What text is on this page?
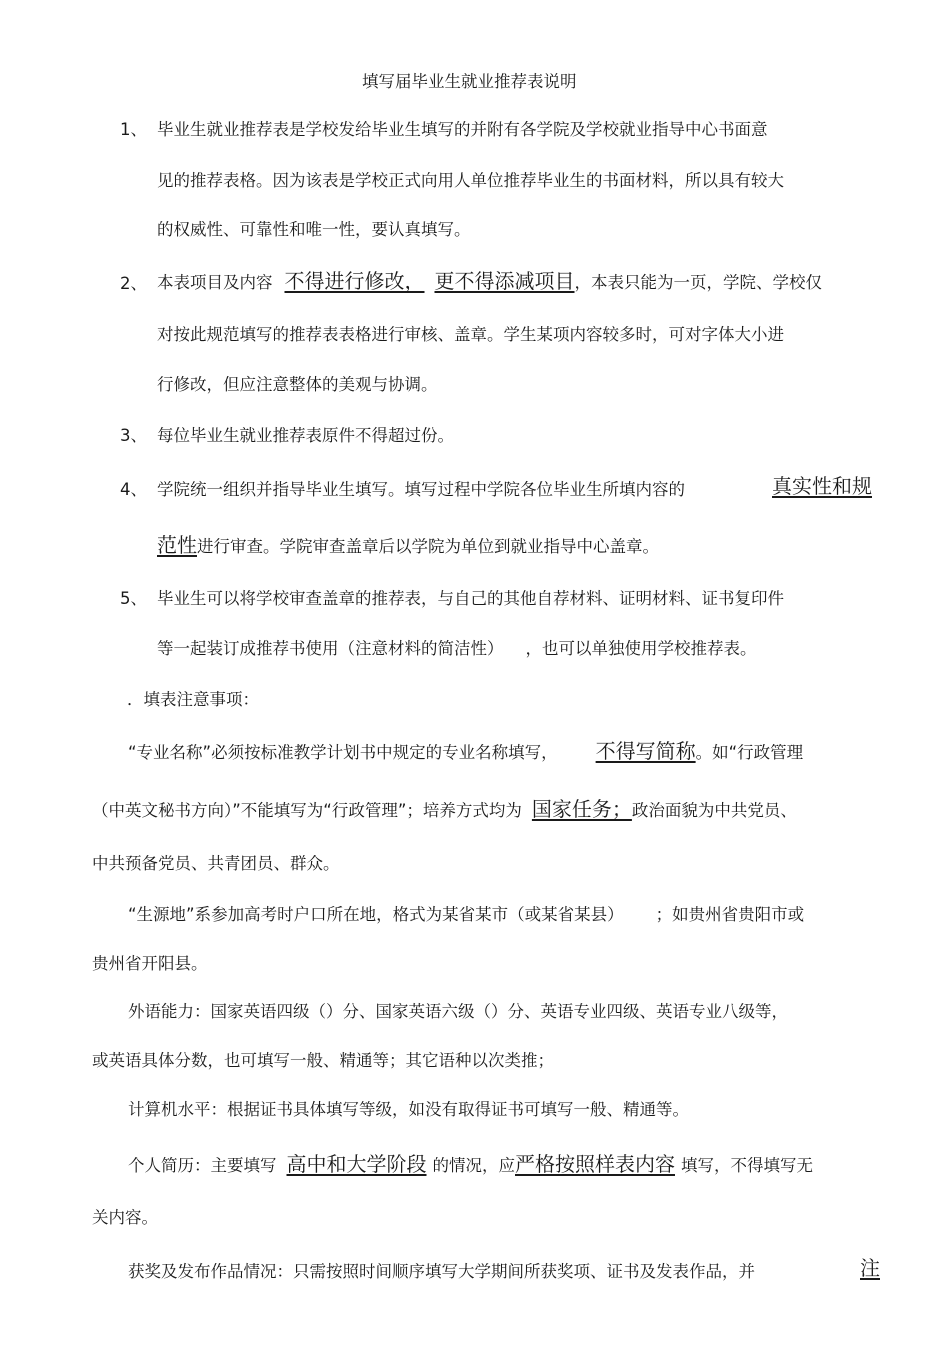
填写届毕业生就业推荐表说明
1、 毕业生就业推荐表是学校发给毕业生填写的并附有各学院及学校就业指导中心书面意
见的推荐表格。因为该表是学校正式向用人单位推荐毕业生的书面材料，所以具有较大
的权威性、可靠性和唯一性，要认真填写。
2、 本表项目及内容 不得进行修改， 更不得添减项目，本表只能为一页，学院、学校仅
对按此规范填写的推荐表表格进行审核、盖章。学生某项内容较多时，可对字体大小进
行修改，但应注意整体的美观与协调。
3、 每位毕业生就业推荐表原件不得超过份。
4、 学院统一组织并指导毕业生填写。填写过程中学院各位毕业生所填内容的	真实性和规
范性进行审查。学院审查盖章后以学院为单位到就业指导中心盖章。
5、 毕业生可以将学校审查盖章的推荐表，与自己的其他自荐材料、证明材料、证书复印件
等一起装订成推荐书使用（注意材料的简洁性） ，也可以单独使用学校推荐表。
．填表注意事项：
“专业名称”必须按标准教学计划书中规定的专业名称填写， 不得写简称。如“行政管理
（中英文秘书方向）”不能填写为“行政管理”；培养方式均为 国家任务；政治面貌为中共党员、
中共预备党员、共青团员、群众。
“生源地”系参加高考时户口所在地，格式为某省某市（或某省某县） ；如贵州省贵阳市或
贵州省开阳县。
外语能力：国家英语四级（）分、国家英语六级（）分、英语专业四级、英语专业八级等，
或英语具体分数，也可填写一般、精通等；其它语种以次类推；
计算机水平：根据证书具体填写等级，如没有取得证书可填写一般、精通等。
个人简历：主要填写 高中和大学阶段 的情况，应严格按照样表内容 填写，不得填写无
关内容。
获奖及发布作品情况：只需按照时间顺序填写大学期间所获奖项、证书及发表作品，并	注
